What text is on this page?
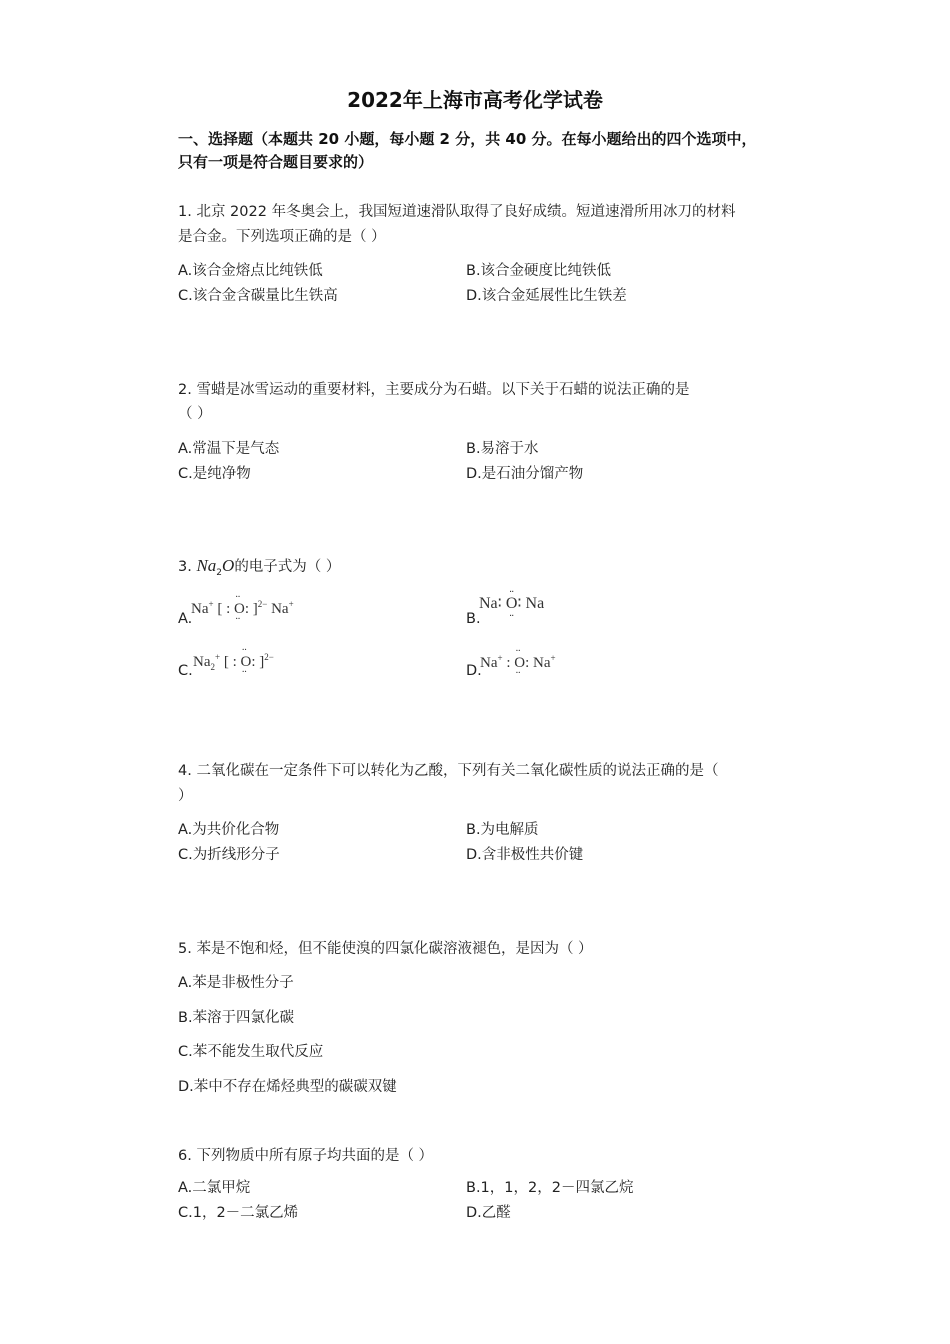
2022年上海市高考化学试卷
一、选择题（本题共 20 小题，每小题 2 分，共 40 分。在每小题给出的四个选项中，
只有一项是符合题目要求的）
1. 北京 2022 年冬奥会上，我国短道速滑队取得了良好成绩。短道速滑所用冰刀的材料
是合金。下列选项正确的是（ ）
A.该合金熔点比纯铁低	B.该合金硬度比纯铁低
C.该合金含碳量比生铁高	D.该合金延展性比生铁差
2. 雪蜡是冰雪运动的重要材料，主要成分为石蜡。以下关于石蜡的说法正确的是
（ ）
A.常温下是气态	B.易溶于水
C.是纯净物	D.是石油分馏产物
3. $Na_2O$的电子式为（ ）
A.
Na+ [ : ·· O ··: ]$^{2-}$ Na+
B.
Na∶ O∶ Na
··
··
C.
$Na_2^+$ [ : ·· O ··: ]$^{2-}$
D.
Na+ : ·· O ··: Na+
4. 二氧化碳在一定条件下可以转化为乙酸，下列有关二氧化碳性质的说法正确的是（
）
A.为共价化合物	B.为电解质
C.为折线形分子	D.含非极性共价键
5. 苯是不饱和烃，但不能使溴的四氯化碳溶液褪色，是因为（ ）
A.苯是非极性分子
B.苯溶于四氯化碳
C.苯不能发生取代反应
D.苯中不存在烯烃典型的碳碳双键
6. 下列物质中所有原子均共面的是（ ）
A.二氯甲烷	B.1，1，2，2－四氯乙烷
C.1，2－二氯乙烯	D.乙醛
